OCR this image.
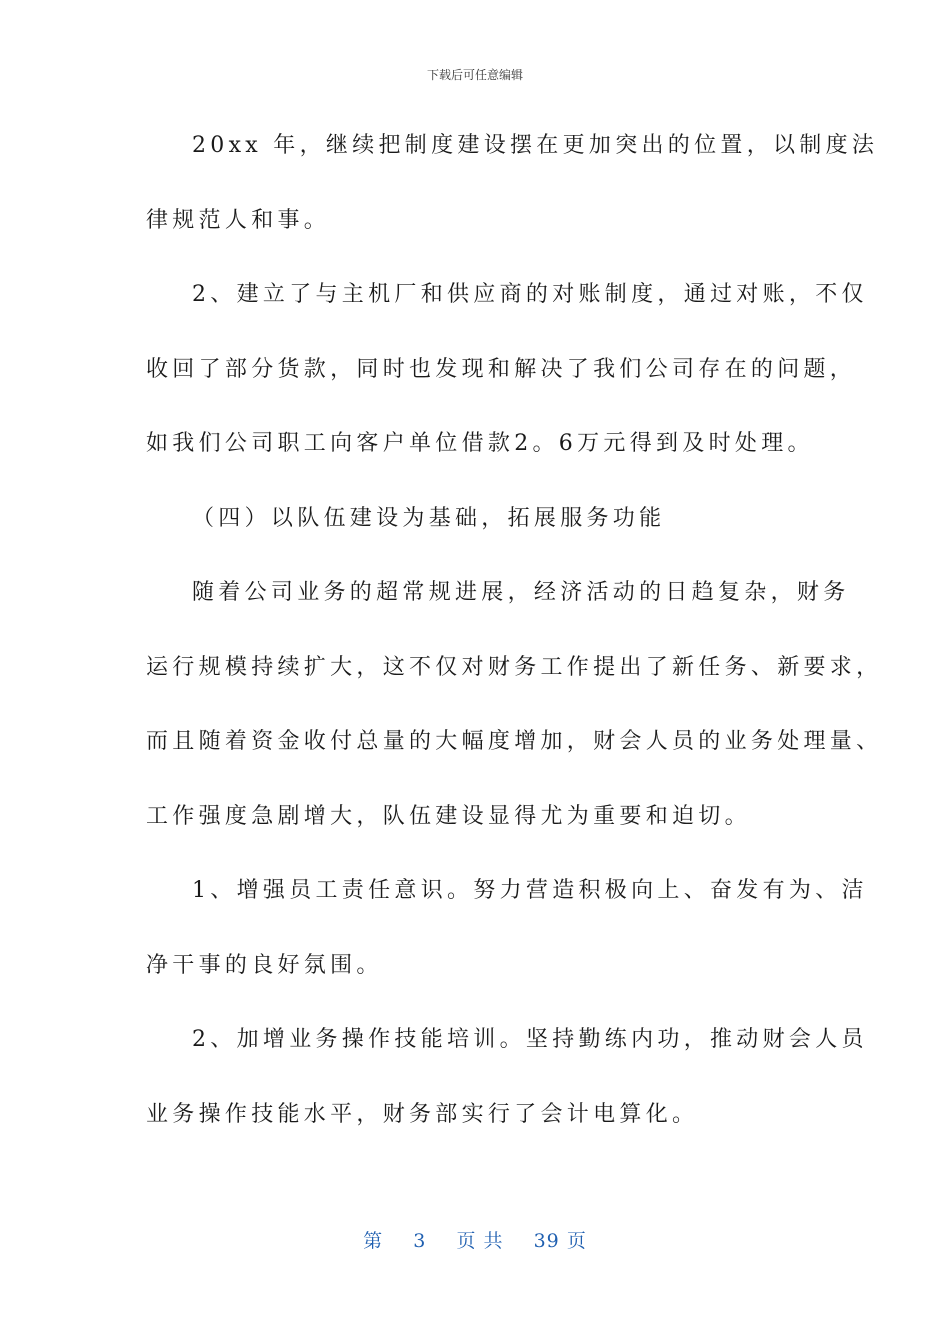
下载后可任意编辑
20xx 年，继续把制度建设摆在更加突出的位置，以制度法
律规范人和事。
2、建立了与主机厂和供应商的对账制度，通过对账，不仅
收回了部分货款，同时也发现和解决了我们公司存在的问题，
如我们公司职工向客户单位借款2。6万元得到及时处理。
（四）以队伍建设为基础，拓展服务功能
随着公司业务的超常规进展，经济活动的日趋复杂，财务
运行规模持续扩大，这不仅对财务工作提出了新任务、新要求，
而且随着资金收付总量的大幅度增加，财会人员的业务处理量、
工作强度急剧增大，队伍建设显得尤为重要和迫切。
1、增强员工责任意识。努力营造积极向上、奋发有为、洁
净干事的良好氛围。
2、加增业务操作技能培训。坚持勤练内功，推动财会人员
业务操作技能水平，财务部实行了会计电算化。
第 3 页 共 39 页
